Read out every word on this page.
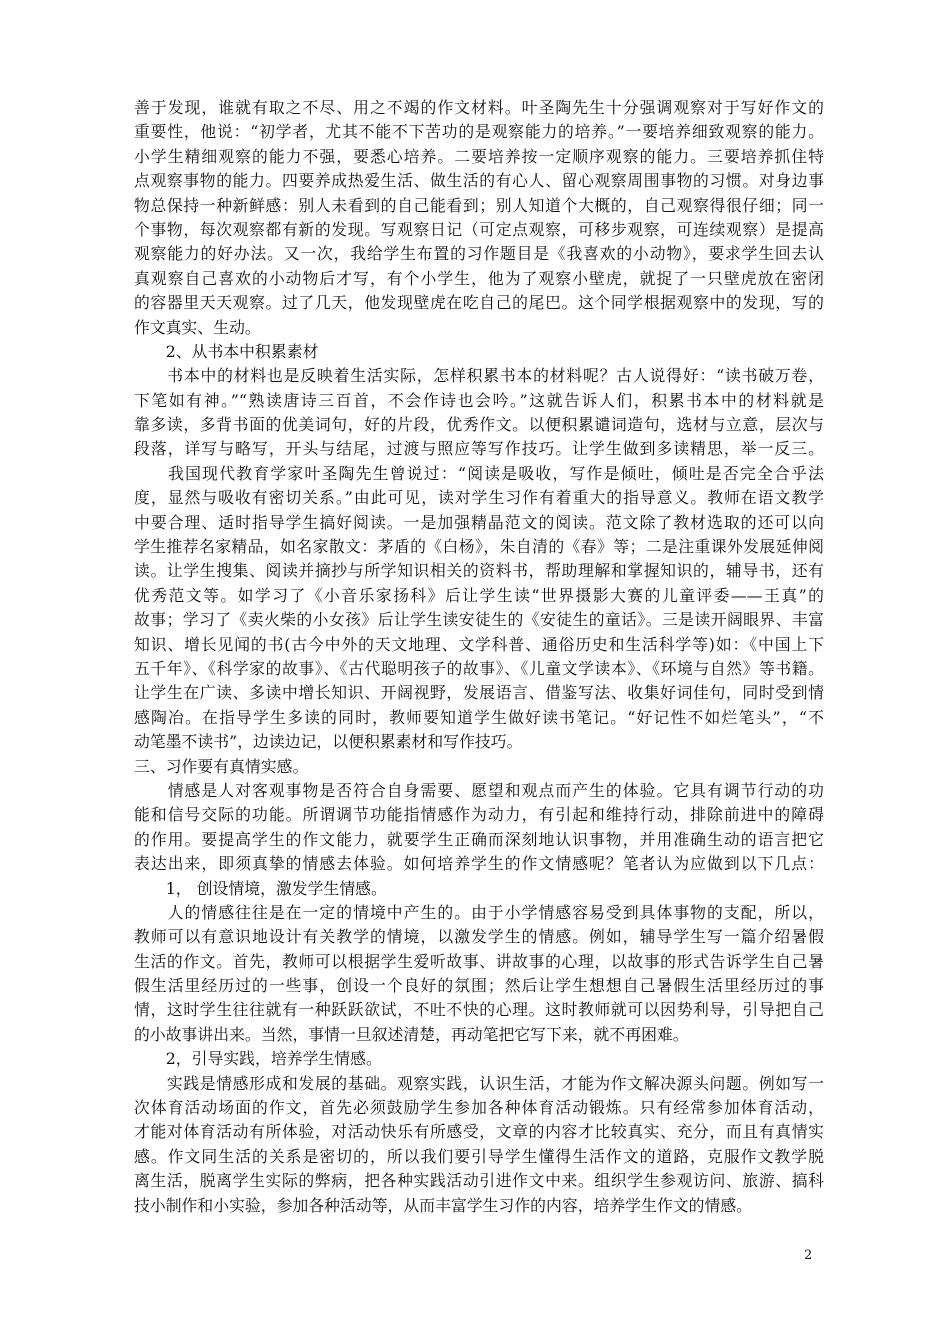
善于发现，谁就有取之不尽、用之不竭的作文材料。叶圣陶先生十分强调观察对于写好作文的
重要性，他说：“初学者，尤其不能不下苦功的是观察能力的培养。”一要培养细致观察的能力。
小学生精细观察的能力不强，要悉心培养。二要培养按一定顺序观察的能力。三要培养抓住特
点观察事物的能力。四要养成热爱生活、做生活的有心人、留心观察周围事物的习惯。对身边事
物总保持一种新鲜感：别人未看到的自己能看到；别人知道个大概的，自己观察得很仔细；同一
个事物，每次观察都有新的发现。写观察日记（可定点观察，可移步观察，可连续观察）是提高
观察能力的好办法。又一次，我给学生布置的习作题目是《我喜欢的小动物》，要求学生回去认
真观察自己喜欢的小动物后才写，有个小学生，他为了观察小壁虎，就捉了一只壁虎放在密闭
的容器里天天观察。过了几天，他发现壁虎在吃自己的尾巴。这个同学根据观察中的发现，写的
作文真实、生动。
　　2、从书本中积累素材
　　书本中的材料也是反映着生活实际，怎样积累书本的材料呢？古人说得好：“读书破万卷，
下笔如有神。”“熟读唐诗三百首，不会作诗也会吟。”这就告诉人们，积累书本中的材料就是
靠多读，多背书面的优美词句，好的片段，优秀作文。以便积累谴词造句，选材与立意，层次与
段落，详写与略写，开头与结尾，过渡与照应等写作技巧。让学生做到多读精思，举一反三。
　　我国现代教育学家叶圣陶先生曾说过：“阅读是吸收，写作是倾吐，倾吐是否完全合乎法
度，显然与吸收有密切关系。”由此可见，读对学生习作有着重大的指导意义。教师在语文教学
中要合理、适时指导学生搞好阅读。一是加强精晶范文的阅读。范文除了教材选取的还可以向
学生推荐名家精品，如名家散文：茅盾的《白杨》，朱自清的《春》等；二是注重课外发展延伸阅
读。让学生搜集、阅读并摘抄与所学知识相关的资料书，帮助理解和掌握知识的，辅导书，还有
优秀范文等。如学习了《小音乐家扬科》后让学生读“世界摄影大赛的儿童评委——王真”的
故事；学习了《卖火柴的小女孩》后让学生读安徒生的《安徒生的童话》。三是读开阔眼界、丰富
知识、增长见闻的书(古今中外的天文地理、文学科普、通俗历史和生活科学等)如：《中国上下
五千年》、《科学家的故事》、《古代聪明孩子的故事》、《儿童文学读本》、《环境与自然》等书籍。
让学生在广读、多读中增长知识、开阔视野，发展语言、借鉴写法、收集好词佳句，同时受到情
感陶冶。在指导学生多读的同时，教师要知道学生做好读书笔记。“好记性不如烂笔头”，“不
动笔墨不读书”，边读边记，以便积累素材和写作技巧。
三、习作要有真情实感。
　　情感是人对客观事物是否符合自身需要、愿望和观点而产生的体验。它具有调节行动的功
能和信号交际的功能。所谓调节功能指情感作为动力，有引起和维持行动，排除前进中的障碍
的作用。要提高学生的作文能力，就要学生正确而深刻地认识事物，并用准确生动的语言把它
表达出来，即须真挚的情感去体验。如何培养学生的作文情感呢？笔者认为应做到以下几点：
　　1， 创设情境，激发学生情感。
　　人的情感往往是在一定的情境中产生的。由于小学情感容易受到具体事物的支配，所以，
教师可以有意识地设计有关教学的情境，以激发学生的情感。例如，辅导学生写一篇介绍暑假
生活的作文。首先，教师可以根据学生爱听故事、讲故事的心理，以故事的形式告诉学生自己暑
假生活里经历过的一些事，创设一个良好的氛围；然后让学生想想自己暑假生活里经历过的事
情，这时学生往往就有一种跃跃欲试，不吐不快的心理。这时教师就可以因势利导，引导把自己
的小故事讲出来。当然，事情一旦叙述清楚，再动笔把它写下来，就不再困难。
　　2，引导实践，培养学生情感。
　　实践是情感形成和发展的基础。观察实践，认识生活，才能为作文解决源头问题。例如写一
次体育活动场面的作文，首先必须鼓励学生参加各种体育活动锻炼。只有经常参加体育活动，
才能对体育活动有所体验，对活动快乐有所感受，文章的内容才比较真实、充分，而且有真情实
感。作文同生活的关系是密切的，所以我们要引导学生懂得生活作文的道路，克服作文教学脱
离生活，脱离学生实际的弊病，把各种实践活动引进作文中来。组织学生参观访问、旅游、搞科
技小制作和小实验，参加各种活动等，从而丰富学生习作的内容，培养学生作文的情感。
2
